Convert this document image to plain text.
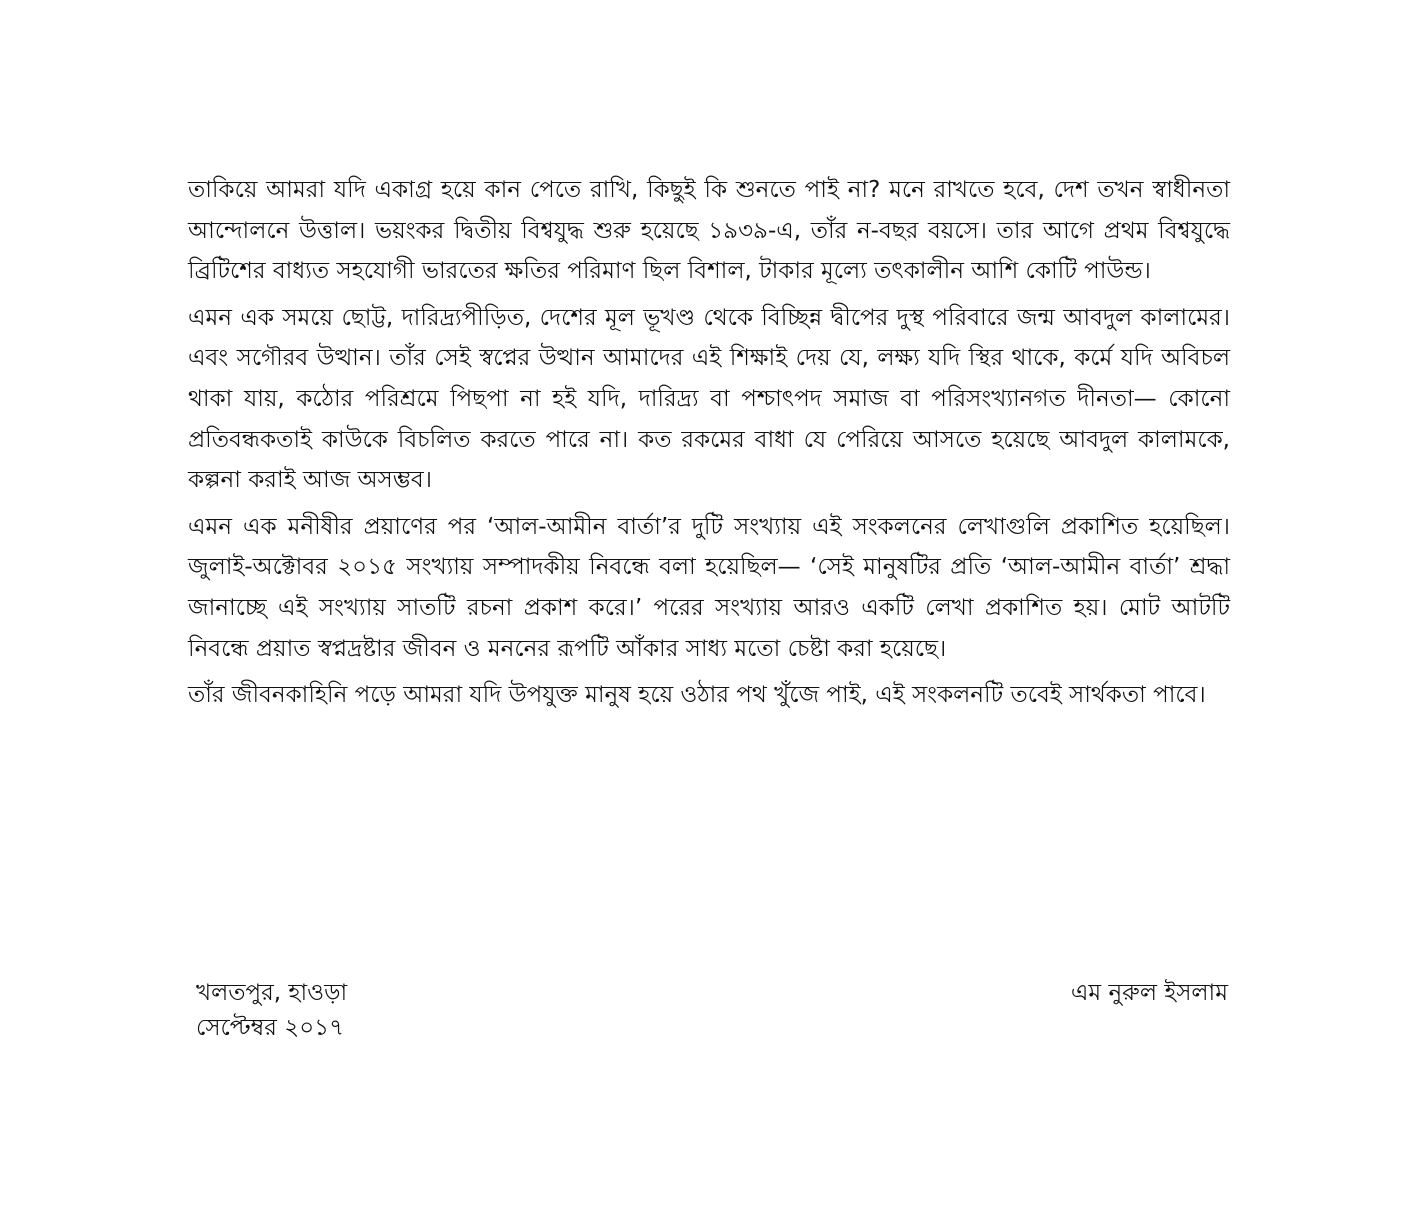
তাকিয়ে আমরা যদি একাগ্র হয়ে কান পেতে রাখি, কিছুই কি শুনতে পাই না? মনে রাখতে হবে, দেশ তখন স্বাধীনতা আন্দোলনে উত্তাল। ভয়ংকর দ্বিতীয় বিশ্বযুদ্ধ শুরু হয়েছে ১৯৩৯-এ, তাঁর ন-বছর বয়সে। তার আগে প্রথম বিশ্বযুদ্ধে ব্রিটিশের বাধ্যত সহযোগী ভারতের ক্ষতির পরিমাণ ছিল বিশাল, টাকার মূল্যে তৎকালীন আশি কোটি পাউন্ড।

এমন এক সময়ে ছোট্ট, দারিদ্র্যপীড়িত, দেশের মূল ভূখণ্ড থেকে বিচ্ছিন্ন দ্বীপের দুস্থ পরিবারে জন্ম আবদুল কালামের। এবং সগৌরব উত্থান। তাঁর সেই স্বপ্নের উত্থান আমাদের এই শিক্ষাই দেয় যে, লক্ষ্য যদি স্থির থাকে, কর্মে যদি অবিচল থাকা যায়, কঠোর পরিশ্রমে পিছপা না হই যদি, দারিদ্র্য বা পশ্চাৎপদ সমাজ বা পরিসংখ্যানগত দীনতা— কোনো প্রতিবন্ধকতাই কাউকে বিচলিত করতে পারে না। কত রকমের বাধা যে পেরিয়ে আসতে হয়েছে আবদুল কালামকে, কল্পনা করাই আজ অসম্ভব।

এমন এক মনীষীর প্রয়াণের পর ‘আল-আমীন বার্তা’র দুটি সংখ্যায় এই সংকলনের লেখাগুলি প্রকাশিত হয়েছিল। জুলাই-অক্টোবর ২০১৫ সংখ্যায় সম্পাদকীয় নিবন্ধে বলা হয়েছিল— ‘সেই মানুষটির প্রতি ‘আল-আমীন বার্তা’ শ্রদ্ধা জানাচ্ছে এই সংখ্যায় সাতটি রচনা প্রকাশ করে।’ পরের সংখ্যায় আরও একটি লেখা প্রকাশিত হয়। মোট আটটি নিবন্ধে প্রয়াত স্বপ্নদ্রষ্টার জীবন ও মননের রূপটি আঁকার সাধ্য মতো চেষ্টা করা হয়েছে।

তাঁর জীবনকাহিনি পড়ে আমরা যদি উপযুক্ত মানুষ হয়ে ওঠার পথ খুঁজে পাই, এই সংকলনটি তবেই সার্থকতা পাবে।

খলতপুর, হাওড়া
সেপ্টেম্বর ২০১৭
এম নুরুল ইসলাম
